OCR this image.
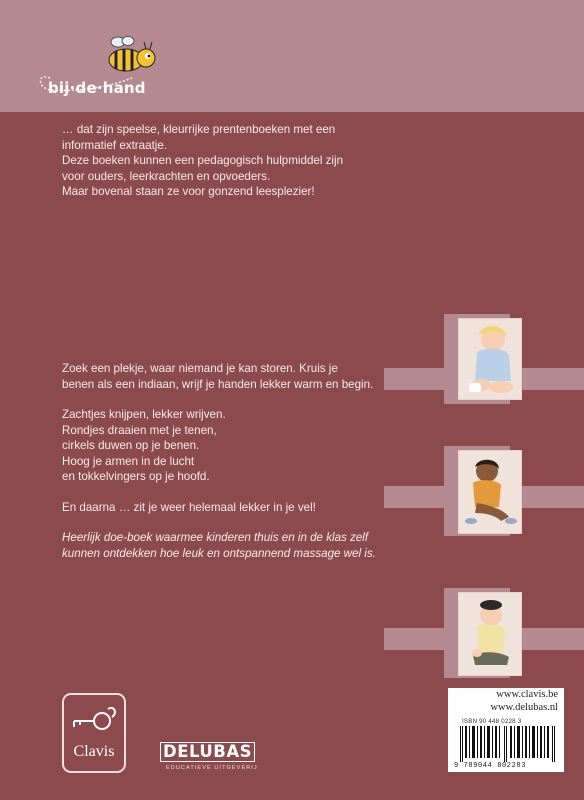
bij·de·hand

… dat zijn speelse, kleurrijke prentenboeken met een

informatief extraatje.

Deze boeken kunnen een pedagogisch hulpmiddel zijn

voor ouders, leerkrachten en opvoeders.

Maar bovenal staan ze voor gonzend leesplezier!

Zoek een plekje, waar niemand je kan storen. Kruis je

benen als een indiaan, wrijf je handen lekker warm en begin.

Zachtjes knijpen, lekker wrijven.

Rondjes draaien met je tenen,

cirkels duwen op je benen.

Hoog je armen in de lucht

en tokkelvingers op je hoofd.

En daarna … zit je weer helemaal lekker in je vel!

Heerlijk doe-boek waarmee kinderen thuis en in de klas zelf

kunnen ontdekken hoe leuk en ontspannend massage wel is.

Clavis	DELUBAS
EDUCATIEVE UITGEVERIJ
www.clavis.be
www.delubas.nl
ISBN 90 448 0228 3
9 789044 802283
